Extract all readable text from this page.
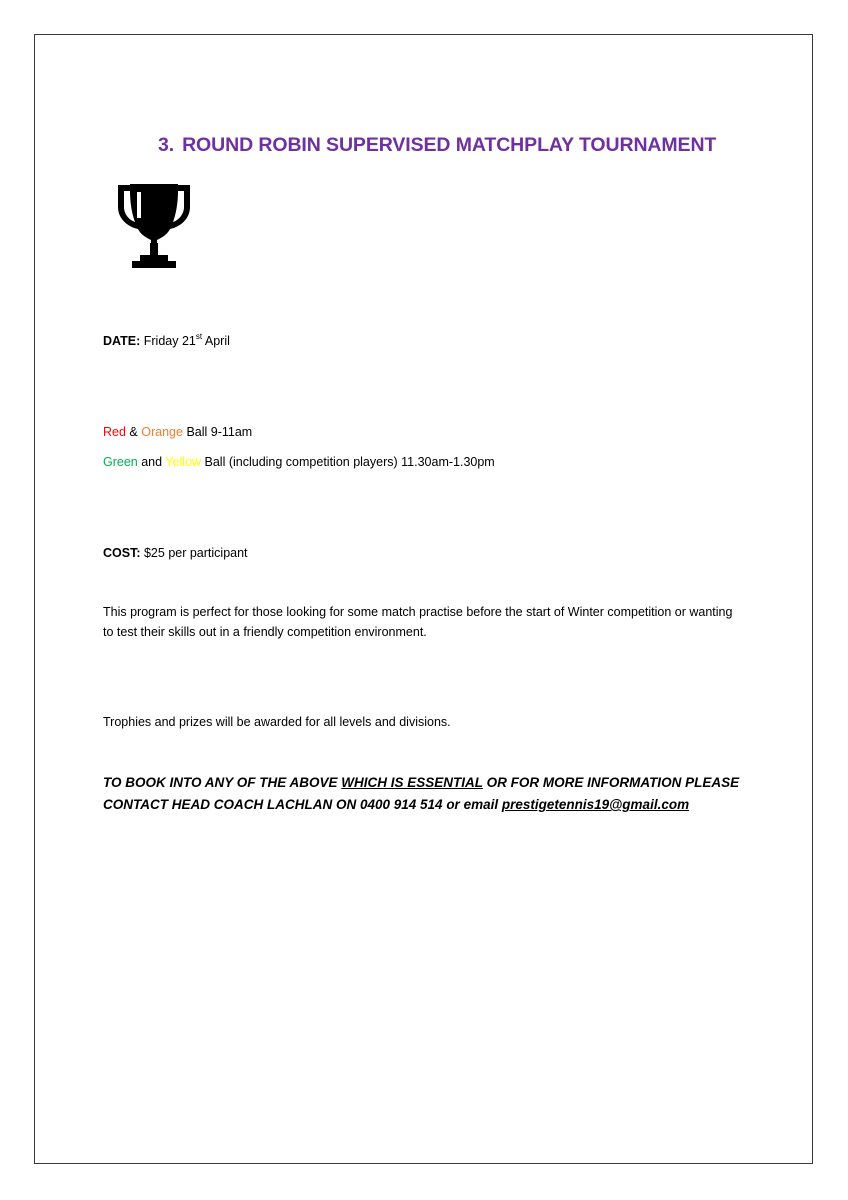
3. ROUND ROBIN SUPERVISED MATCHPLAY TOURNAMENT
DATE: Friday 21st April
Red & Orange Ball 9-11am
Green and Yellow Ball (including competition players) 11.30am-1.30pm
COST: $25 per participant
This program is perfect for those looking for some match practise before the start of Winter competition or wanting to test their skills out in a friendly competition environment.
Trophies and prizes will be awarded for all levels and divisions.
TO BOOK INTO ANY OF THE ABOVE WHICH IS ESSENTIAL OR FOR MORE INFORMATION PLEASE CONTACT HEAD COACH LACHLAN ON 0400 914 514 or email prestigetennis19@gmail.com
